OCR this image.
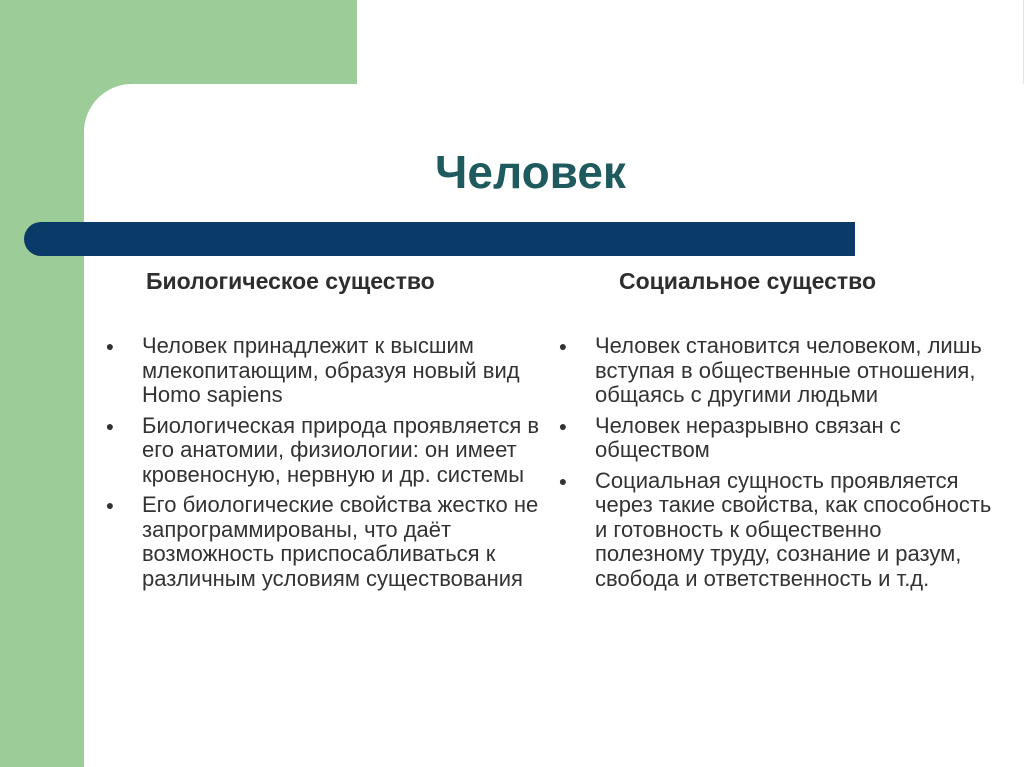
Человек
Биологическое существо	Социальное существо
● Человек принадлежит к высшим млекопитающим, образуя новый вид Homo sapiens
● Биологическая природа проявляется в его анатомии, физиологии: он имеет кровеносную, нервную и др. системы
● Его биологические свойства жестко не запрограммированы, что даёт возможность приспосабливаться к различным условиям существования
● Человек становится человеком, лишь вступая в общественные отношения, общаясь с другими людьми
● Человек неразрывно связан с обществом
● Социальная сущность проявляется через такие свойства, как способность и готовность к общественно полезному труду, сознание и разум, свобода и ответственность и т.д.
